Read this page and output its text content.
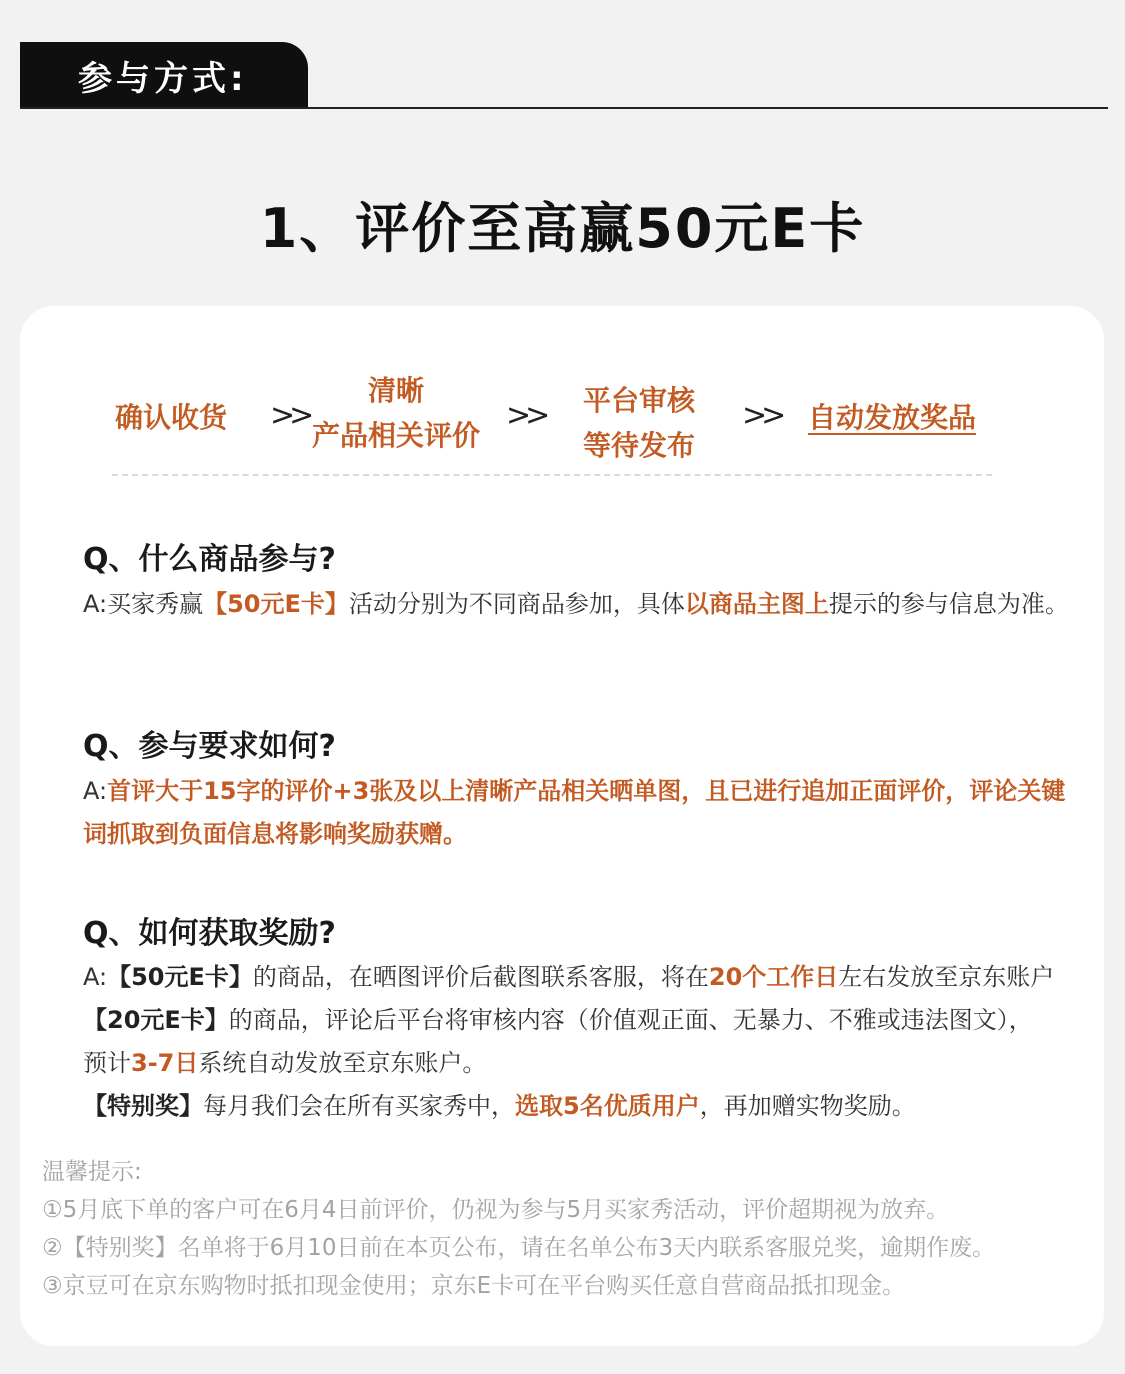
参与方式:
1、评价至高赢50元E卡
确认收货 >>
清晰
产品相关评价
>> 平台审核
等待发布
>> 自动发放奖品
Q、什么商品参与?
A:买家秀赢【50元E卡】活动分别为不同商品参加，具体以商品主图上提示的参与信息为准。
Q、参与要求如何?
A:首评大于15字的评价+3张及以上清晰产品相关晒单图，且已进行追加正面评价，评论关键词抓取到负面信息将影响奖励获赠。
Q、如何获取奖励?
A:【50元E卡】的商品，在晒图评价后截图联系客服，将在20个工作日左右发放至京东账户
【20元E卡】的商品，评论后平台将审核内容（价值观正面、无暴力、不雅或违法图文），
预计3-7日系统自动发放至京东账户。
【特别奖】每月我们会在所有买家秀中，选取5名优质用户，再加赠实物奖励。
温馨提示:
①5月底下单的客户可在6月4日前评价，仍视为参与5月买家秀活动，评价超期视为放弃。
②【特别奖】名单将于6月10日前在本页公布，请在名单公布3天内联系客服兑奖，逾期作废。
③京豆可在京东购物时抵扣现金使用；京东E卡可在平台购买任意自营商品抵扣现金。
